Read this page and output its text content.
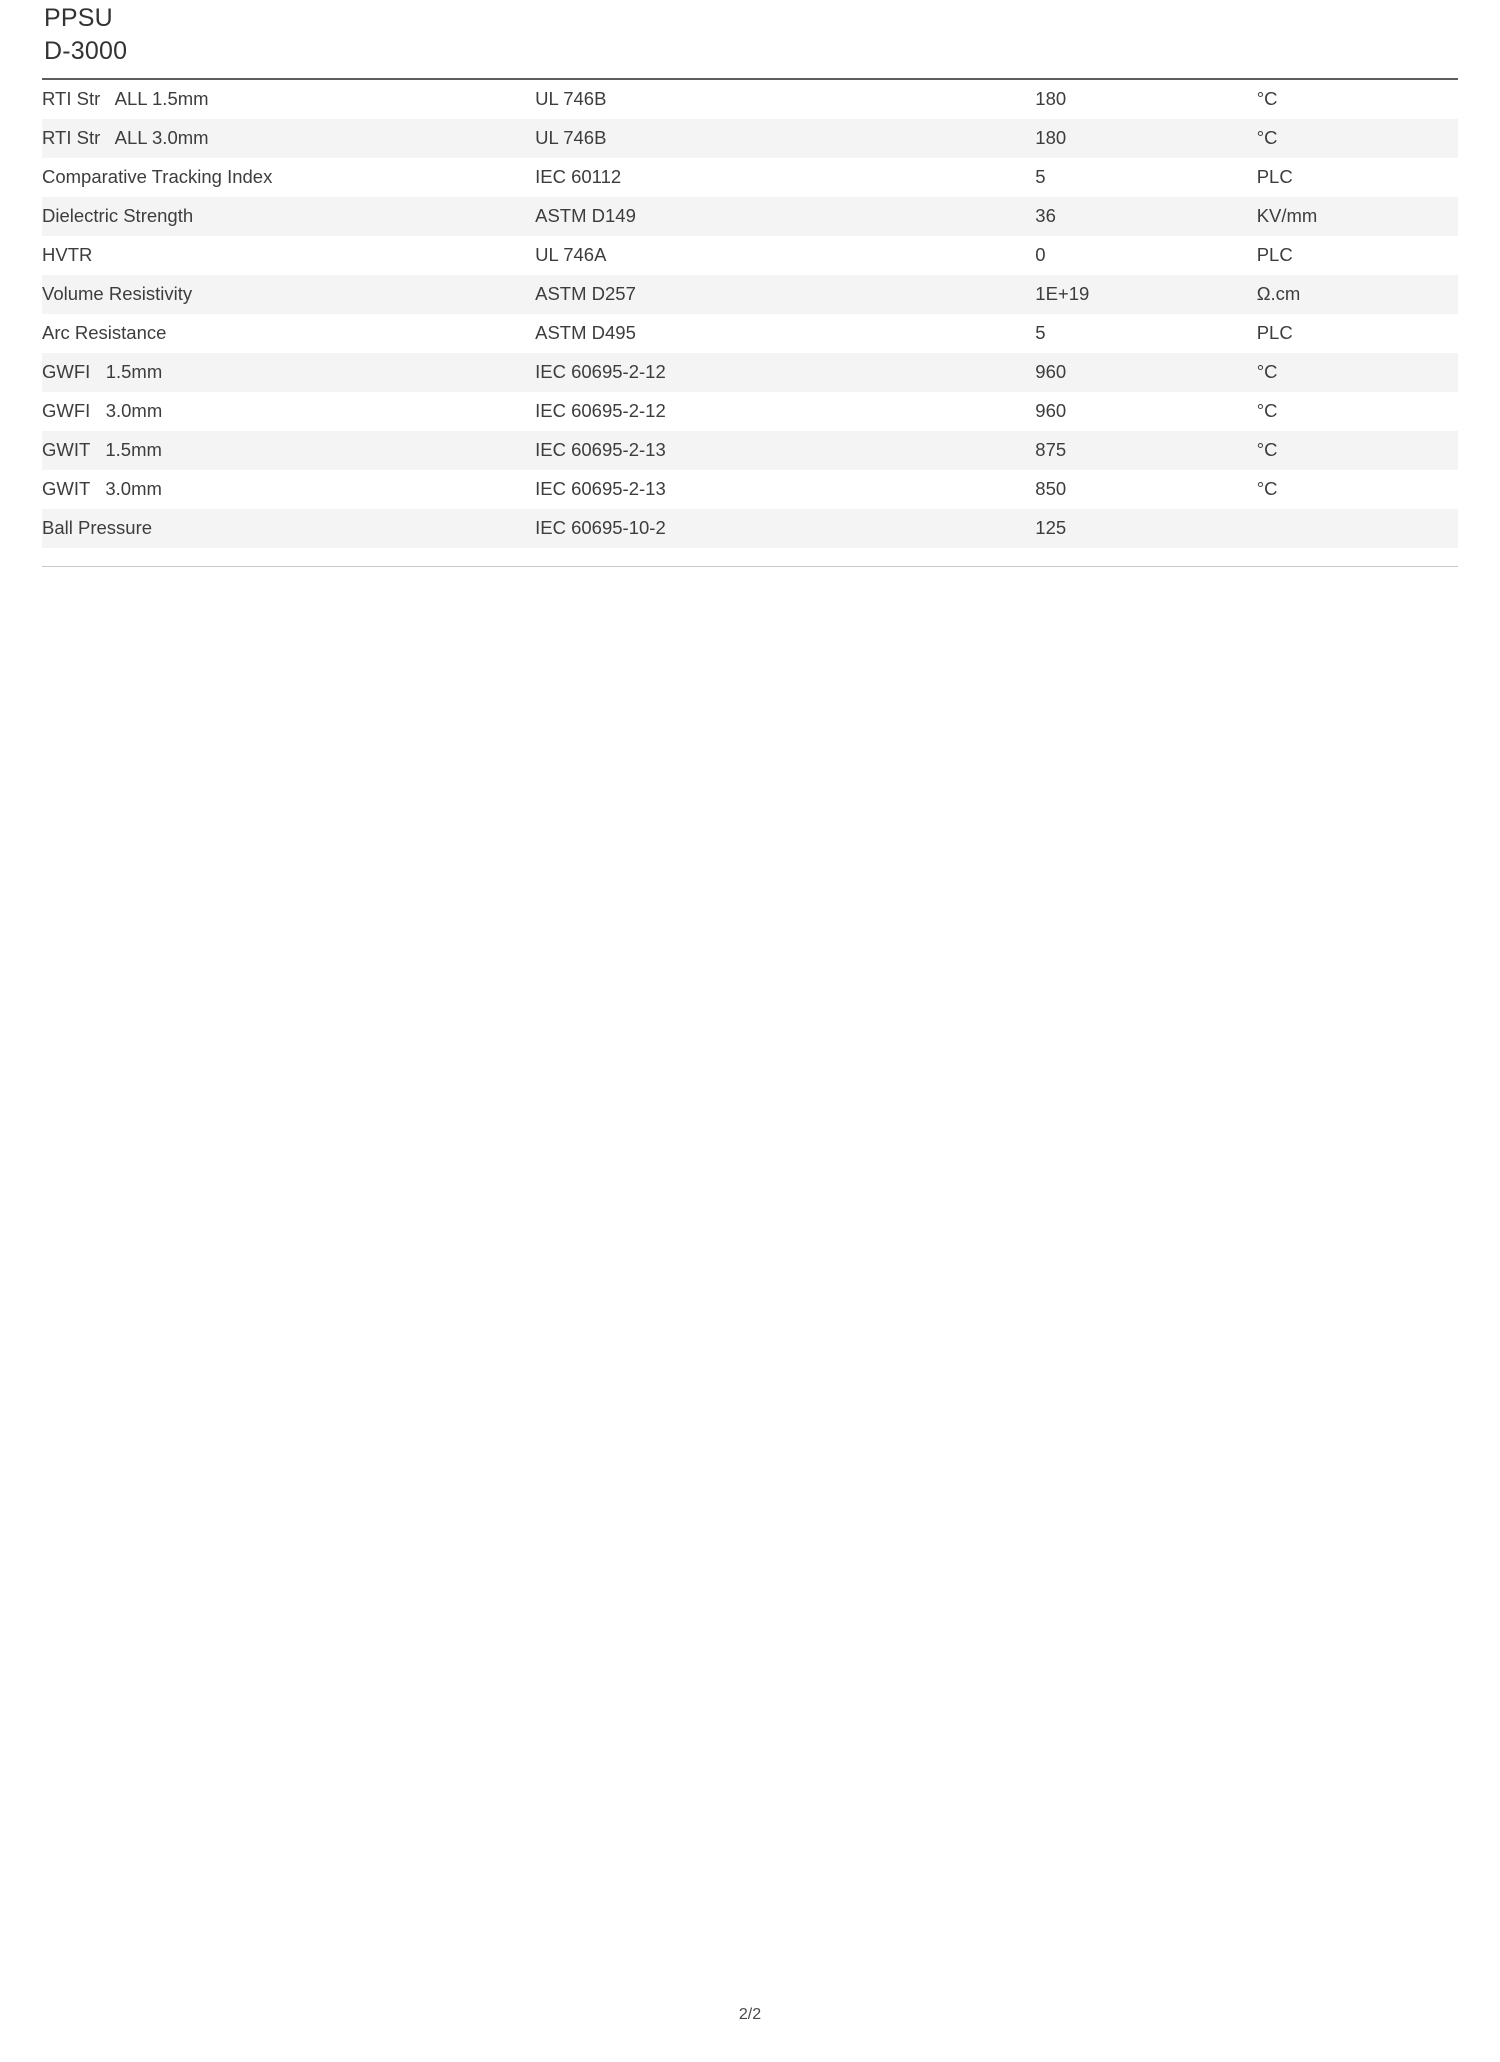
PPSU
D-3000
RTI Str   ALL 1.5mm	UL 746B	180	°C

RTI Str   ALL 3.0mm	UL 746B	180	°C

Comparative Tracking Index	IEC 60112	5	PLC

Dielectric Strength	ASTM D149	36	KV/mm

HVTR	UL 746A	0	PLC

Volume Resistivity	ASTM D257	1E+19	Ω.cm

Arc Resistance	ASTM D495	5	PLC

GWFI   1.5mm	IEC 60695-2-12	960	°C

GWFI   3.0mm	IEC 60695-2-12	960	°C

GWIT   1.5mm	IEC 60695-2-13	875	°C

GWIT   3.0mm	IEC 60695-2-13	850	°C

Ball Pressure	IEC 60695-10-2	125	
2/2
